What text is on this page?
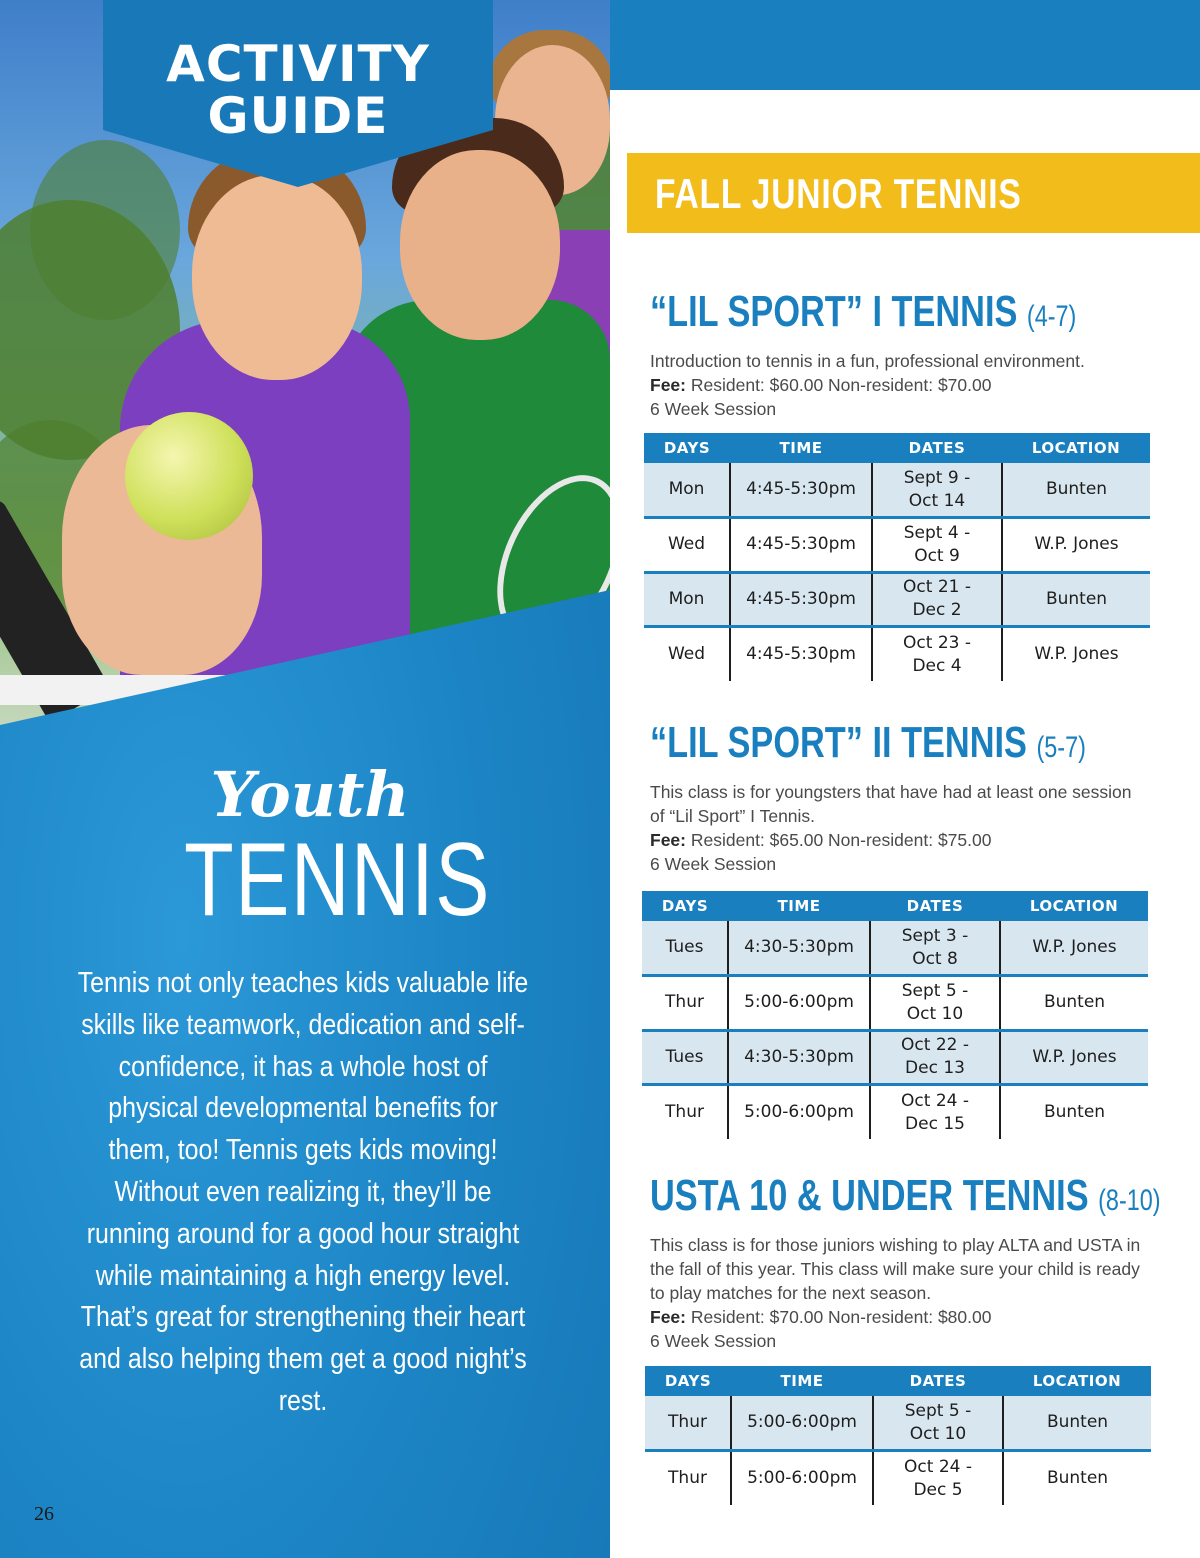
ACTIVITY
GUIDE
Youth
TENNIS
Tennis not only teaches kids valuable life skills like teamwork, dedication and self-confidence, it has a whole host of physical developmental benefits for them, too! Tennis gets kids moving! Without even realizing it, they’ll be running around for a good hour straight while maintaining a high energy level. That’s great for strengthening their heart and also helping them get a good night’s rest.
26
FALL JUNIOR TENNIS
“LIL SPORT” I TENNIS (4-7)
Introduction to tennis in a fun, professional environment.
Fee: Resident: $60.00 Non-resident: $70.00
6 Week Session
DAYS	TIME	DATES	LOCATION
Mon	4:45-5:30pm	Sept 9 -
Oct 14	Bunten
Wed	4:45-5:30pm	Sept 4 -
Oct 9	W.P. Jones
Mon	4:45-5:30pm	Oct 21 -
Dec 2	Bunten
Wed	4:45-5:30pm	Oct 23 -
Dec 4	W.P. Jones
“LIL SPORT” II TENNIS (5-7)
This class is for youngsters that have had at least one session of “Lil Sport” I Tennis.
Fee: Resident: $65.00 Non-resident: $75.00
6 Week Session
DAYS	TIME	DATES	LOCATION
Tues	4:30-5:30pm	Sept 3 -
Oct 8	W.P. Jones
Thur	5:00-6:00pm	Sept 5 -
Oct 10	Bunten
Tues	4:30-5:30pm	Oct 22 -
Dec 13	W.P. Jones
Thur	5:00-6:00pm	Oct 24 -
Dec 15	Bunten
USTA 10 & UNDER TENNIS (8-10)
This class is for those juniors wishing to play ALTA and USTA in the fall of this year. This class will make sure your child is ready to play matches for the next season.
Fee: Resident: $70.00 Non-resident: $80.00
6 Week Session
DAYS	TIME	DATES	LOCATION
Thur	5:00-6:00pm	Sept 5 -
Oct 10	Bunten
Thur	5:00-6:00pm	Oct 24 -
Dec 5	Bunten
